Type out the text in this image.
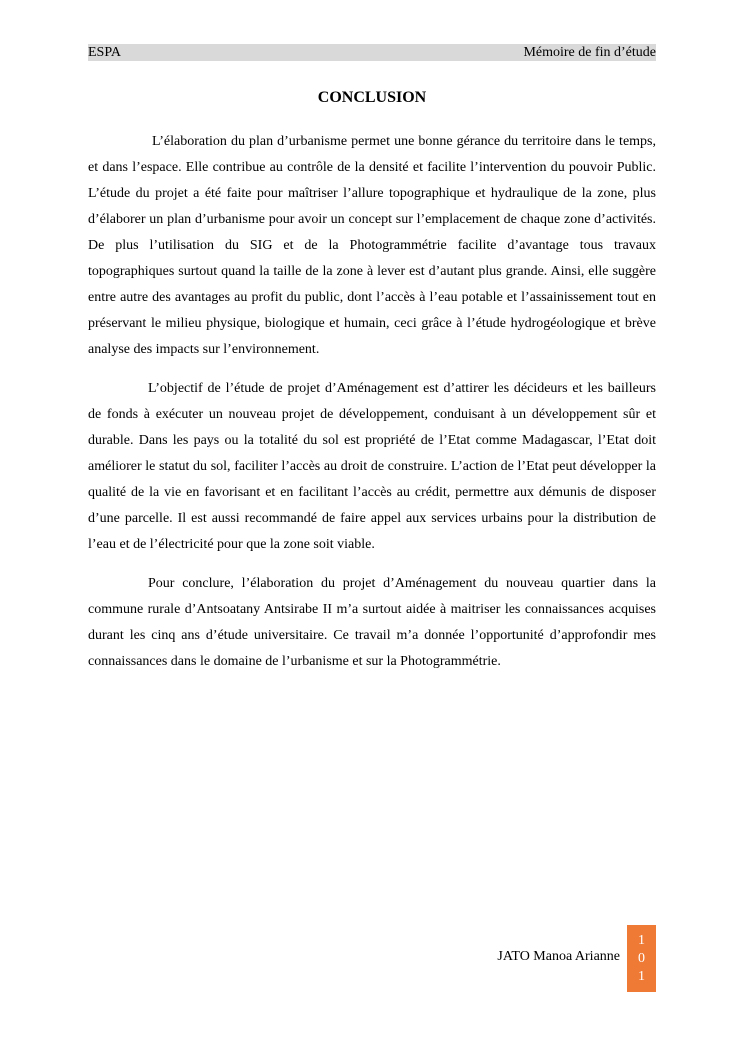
ESPA	Mémoire de fin d’étude
CONCLUSION

L’élaboration du plan d’urbanisme permet une bonne gérance du territoire dans le temps, et dans l’espace. Elle contribue au contrôle de la densité et facilite l’intervention du pouvoir Public. L’étude du projet a été faite pour maîtriser l’allure topographique et hydraulique de la zone, plus d’élaborer un plan d’urbanisme pour avoir un concept sur l’emplacement de chaque zone d’activités. De plus l’utilisation du SIG et de la Photogrammétrie facilite d’avantage tous travaux topographiques surtout quand la taille de la zone à lever est d’autant plus grande. Ainsi, elle suggère entre autre des avantages au profit du public, dont l’accès à l’eau potable et l’assainissement tout en préservant le milieu physique, biologique et humain, ceci grâce à l’étude hydrogéologique et brève analyse des impacts sur l’environnement.

L’objectif de l’étude de projet d’Aménagement est d’attirer les décideurs et les bailleurs de fonds à exécuter un nouveau projet de développement, conduisant à un développement sûr et durable. Dans les pays ou la totalité du sol est propriété de l’Etat comme Madagascar, l’Etat doit améliorer le statut du sol, faciliter l’accès au droit de construire. L’action de l’Etat peut développer la qualité de la vie en favorisant et en facilitant l’accès au crédit, permettre aux démunis de disposer d’une parcelle. Il est aussi recommandé de faire appel aux services urbains pour la distribution de l’eau et de l’électricité pour que la zone soit viable.

Pour conclure, l’élaboration du projet d’Aménagement du nouveau quartier dans la commune rurale d’Antsoatany Antsirabe II m’a surtout aidée à maitriser les connaissances acquises durant les cinq ans d’étude universitaire. Ce travail m’a donnée l’opportunité d’approfondir mes connaissances dans le domaine de l’urbanisme et sur la Photogrammétrie.

JATO Manoa Arianne
1
0
1
